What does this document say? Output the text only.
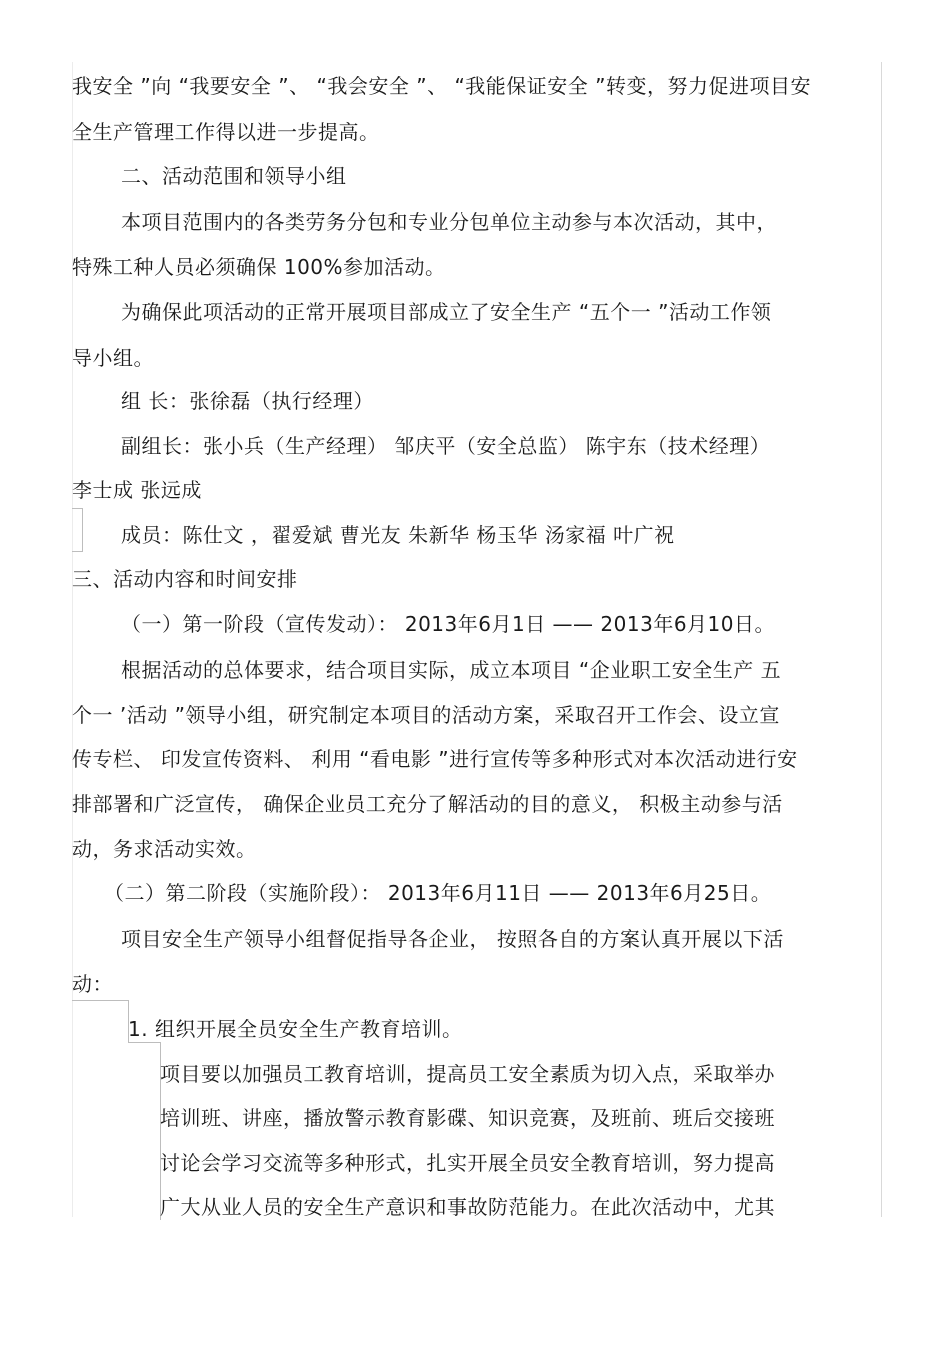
我安全 ”向 “我要安全 ”、 “我会安全 ”、 “我能保证安全 ”转变，努力促进项目安
全生产管理工作得以进一步提高。
二、活动范围和领导小组
本项目范围内的各类劳务分包和专业分包单位主动参与本次活动，其中，
特殊工种人员必须确保 100%参加活动。
为确保此项活动的正常开展项目部成立了安全生产 “五个一 ”活动工作领
导小组。
组 长：张徐磊（执行经理）
副组长：张小兵（生产经理） 邹庆平（安全总监） 陈宇东（技术经理）
李士成 张远成
成员：陈仕文 ，翟爱斌 曹光友 朱新华 杨玉华 汤家福 叶广祝
三、活动内容和时间安排
（一）第一阶段（宣传发动）： 2013年6月1日 —— 2013年6月10日。
根据活动的总体要求，结合项目实际，成立本项目 “企业职工安全生产 五
个一 ’活动 ”领导小组，研究制定本项目的活动方案，采取召开工作会、设立宣
传专栏、 印发宣传资料、 利用 “看电影 ”进行宣传等多种形式对本次活动进行安
排部署和广泛宣传， 确保企业员工充分了解活动的目的意义， 积极主动参与活
动，务求活动实效。
（二）第二阶段（实施阶段）： 2013年6月11日 —— 2013年6月25日。
项目安全生产领导小组督促指导各企业， 按照各自的方案认真开展以下活
动：
1. 组织开展全员安全生产教育培训。
项目要以加强员工教育培训，提高员工安全素质为切入点，采取举办
培训班、讲座，播放警示教育影碟、知识竞赛，及班前、班后交接班
讨论会学习交流等多种形式，扎实开展全员安全教育培训，努力提高
广大从业人员的安全生产意识和事故防范能力。在此次活动中，尤其
